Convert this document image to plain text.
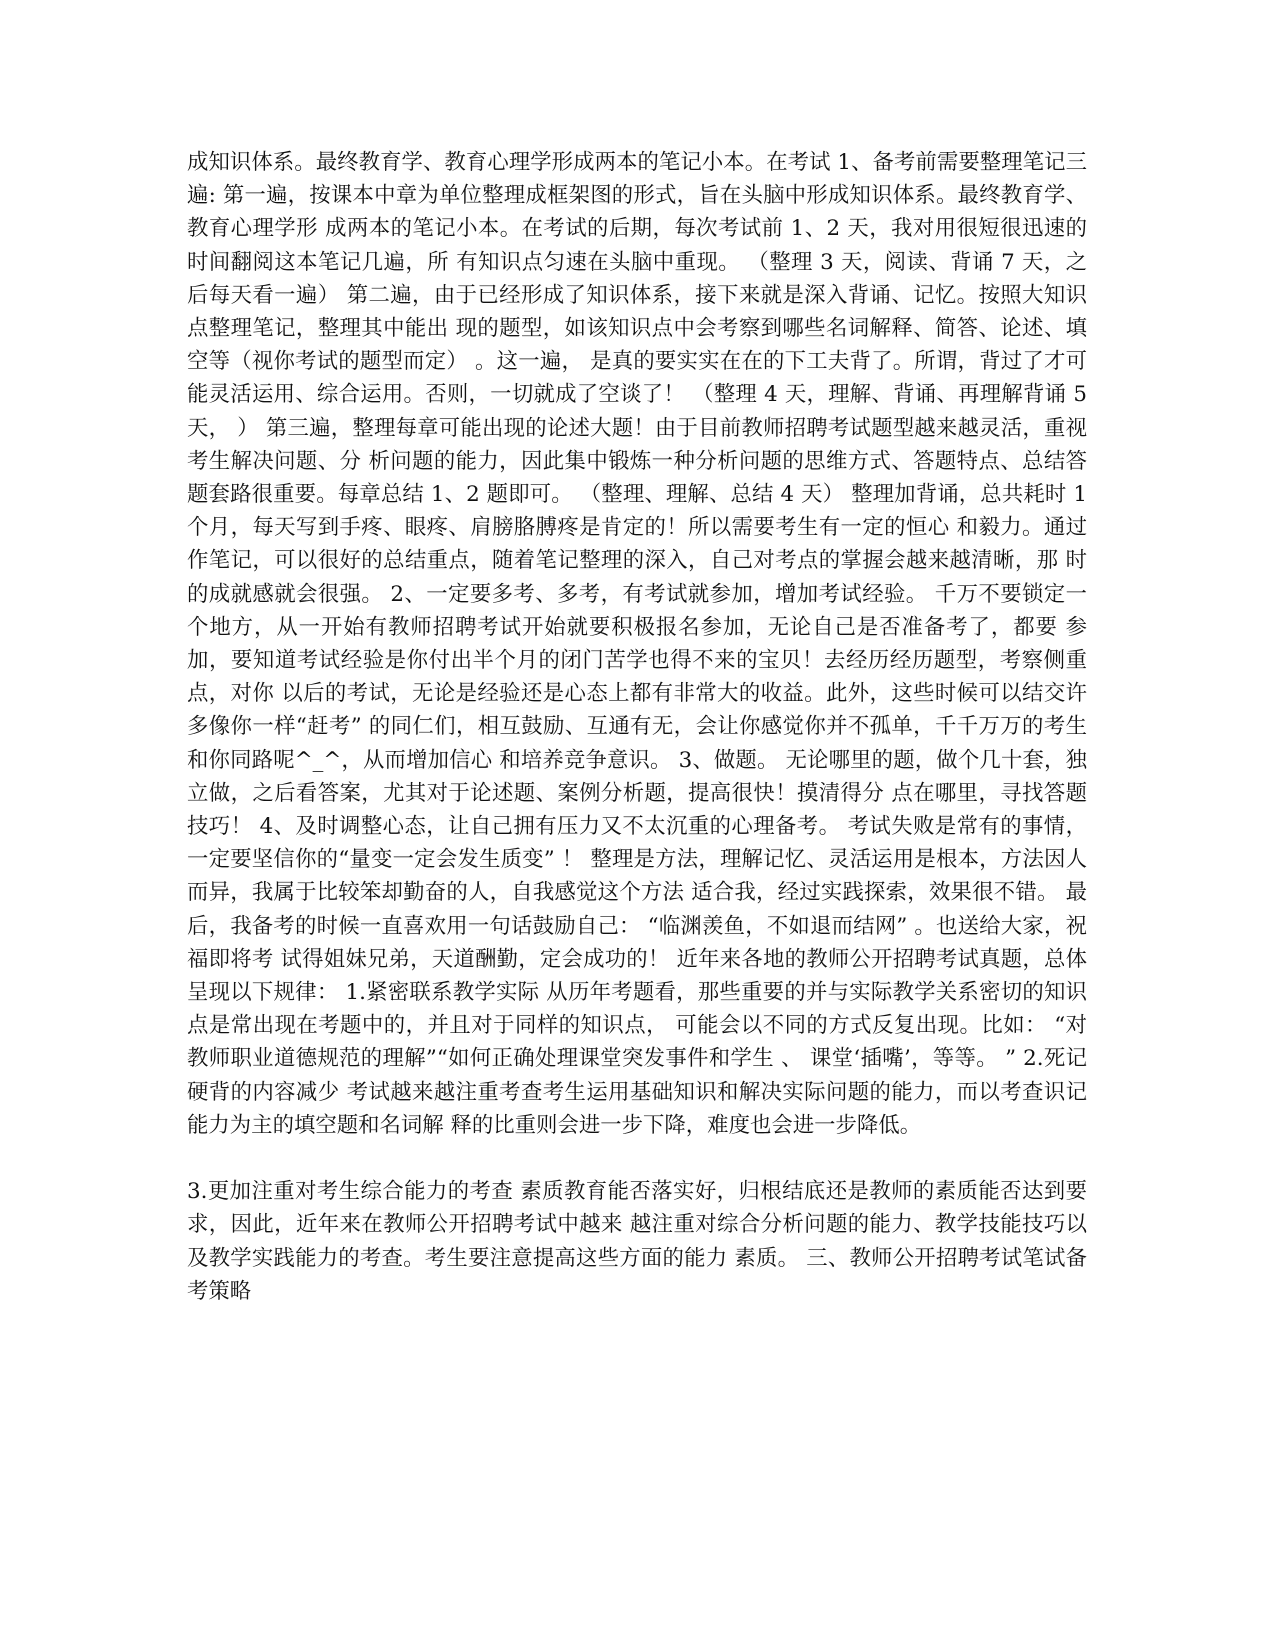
成知识体系。最终教育学、教育心理学形成两本的笔记小本。在考试 1、备考前需要整理笔记三遍: 第一遍，按课本中章为单位整理成框架图的形式，旨在头脑中形成知识体系。最终教育学、教育心理学形 成两本的笔记小本。在考试的后期，每次考试前 1、2 天，我对用很短很迅速的时间翻阅这本笔记几遍，所 有知识点匀速在头脑中重现。 （整理 3 天，阅读、背诵 7 天，之后每天看一遍） 第二遍，由于已经形成了知识体系，接下来就是深入背诵、记忆。按照大知识点整理笔记，整理其中能出 现的题型，如该知识点中会考察到哪些名词解释、简答、论述、填空等（视你考试的题型而定） 。这一遍， 是真的要实实在在的下工夫背了。所谓，背过了才可能灵活运用、综合运用。否则，一切就成了空谈了！ （整理 4 天，理解、背诵、再理解背诵 5 天， ） 第三遍，整理每章可能出现的论述大题！由于目前教师招聘考试题型越来越灵活，重视考生解决问题、分 析问题的能力，因此集中锻炼一种分析问题的思维方式、答题特点、总结答题套路很重要。每章总结 1、2 题即可。 （整理、理解、总结 4 天） 整理加背诵，总共耗时 1 个月，每天写到手疼、眼疼、肩膀胳膊疼是肯定的！所以需要考生有一定的恒心 和毅力。通过作笔记，可以很好的总结重点，随着笔记整理的深入，自己对考点的掌握会越来越清晰，那 时的成就感就会很强。 2、一定要多考、多考，有考试就参加，增加考试经验。 千万不要锁定一个地方，从一开始有教师招聘考试开始就要积极报名参加，无论自己是否准备考了，都要 参加，要知道考试经验是你付出半个月的闭门苦学也得不来的宝贝！去经历经历题型，考察侧重点，对你 以后的考试，无论是经验还是心态上都有非常大的收益。此外，这些时候可以结交许多像你一样“赶考” 的同仁们，相互鼓励、互通有无，会让你感觉你并不孤单，千千万万的考生和你同路呢^_^，从而增加信心 和培养竞争意识。 3、做题。 无论哪里的题，做个几十套，独立做，之后看答案，尤其对于论述题、案例分析题，提高很快！摸清得分 点在哪里，寻找答题技巧！ 4、及时调整心态，让自己拥有压力又不太沉重的心理备考。 考试失败是常有的事情，一定要坚信你的“量变一定会发生质变” ！ 整理是方法，理解记忆、灵活运用是根本，方法因人而异，我属于比较笨却勤奋的人，自我感觉这个方法 适合我，经过实践探索，效果很不错。 最后，我备考的时候一直喜欢用一句话鼓励自己： “临渊羡鱼，不如退而结网” 。也送给大家，祝福即将考 试得姐妹兄弟，天道酬勤，定会成功的！ 近年来各地的教师公开招聘考试真题，总体呈现以下规律： 1.紧密联系教学实际 从历年考题看，那些重要的并与实际教学关系密切的知识点是常出现在考题中的，并且对于同样的知识点， 可能会以不同的方式反复出现。比如： “对教师职业道德规范的理解”“如何正确处理课堂突发事件和学生 、 课堂‘插嘴’，等等。 ” 2.死记硬背的内容减少 考试越来越注重考查考生运用基础知识和解决实际问题的能力，而以考查识记能力为主的填空题和名词解 释的比重则会进一步下降，难度也会进一步降低。

3.更加注重对考生综合能力的考查 素质教育能否落实好，归根结底还是教师的素质能否达到要求，因此，近年来在教师公开招聘考试中越来 越注重对综合分析问题的能力、教学技能技巧以及教学实践能力的考查。考生要注意提高这些方面的能力 素质。 三、教师公开招聘考试笔试备考策略
